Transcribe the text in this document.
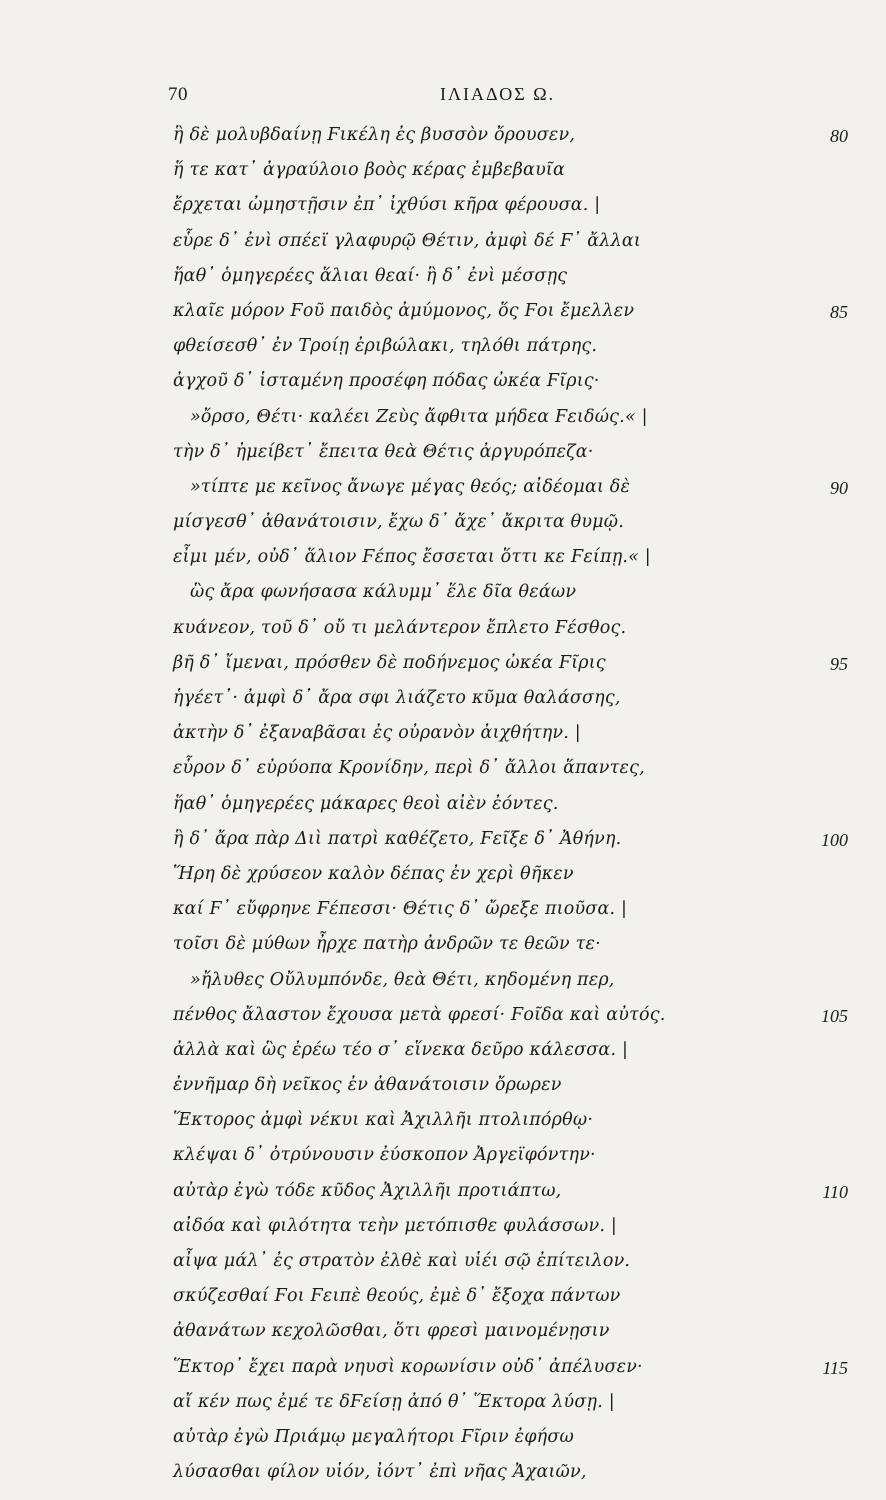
70	ΙΛΙΑΔΟΣ Ω.
ἣ δὲ μολυβδαίνῃ Ϝικέλη ἐς βυσσὸν ὄρουσεν,	80
ἥ τε κατ᾽ ἀγραύλοιο βοὸς κέρας ἐμβεβαυῖα
ἔρχεται ὠμηστῇσιν ἐπ᾽ ἰχθύσι κῆρα φέρουσα. |
εὗρε δ᾽ ἐνὶ σπέεϊ γλαφυρῷ Θέτιν, ἀμφὶ δέ Ϝ᾽ ἄλλαι
ἥαθ᾽ ὁμηγερέες ἅλιαι θεαί· ἣ δ᾽ ἐνὶ μέσσῃς
κλαῖε μόρον Ϝοῦ παιδὸς ἀμύμονος, ὅς Ϝοι ἔμελλεν	85
φθείσεσθ᾽ ἐν Τροίῃ ἐριβώλακι, τηλόθι πάτρης.
ἀγχοῦ δ᾽ ἱσταμένη προσέφη πόδας ὠκέα Ϝῖρις·
»ὄρσο, Θέτι· καλέει Ζεὺς ἄφθιτα μήδεα Ϝειδώς.« |
τὴν δ᾽ ἠμείβετ᾽ ἔπειτα θεὰ Θέτις ἀργυρόπεζα·
»τίπτε με κεῖνος ἄνωγε μέγας θεός; αἰδέομαι δὲ	90
μίσγεσθ᾽ ἀθανάτοισιν, ἔχω δ᾽ ἄχε᾽ ἄκριτα θυμῷ.
εἶμι μέν, οὐδ᾽ ἅλιον Ϝέπος ἔσσεται ὅττι κε Ϝείπῃ.« |
ὣς ἄρα φωνήσασα κάλυμμ᾽ ἕλε δῖα θεάων
κυάνεον, τοῦ δ᾽ οὔ τι μελάντερον ἔπλετο Ϝέσθος.
βῆ δ᾽ ἴμεναι, πρόσθεν δὲ ποδήνεμος ὠκέα Ϝῖρις	95
ἡγέετ᾽· ἀμφὶ δ᾽ ἄρα σφι λιάζετο κῦμα θαλάσσης,
ἀκτὴν δ᾽ ἐξαναβᾶσαι ἐς οὐρανὸν ἀιχθήτην. |
εὗρον δ᾽ εὐρύοπα Κρονίδην, περὶ δ᾽ ἄλλοι ἅπαντες,
ἥαθ᾽ ὁμηγερέες μάκαρες θεοὶ αἰὲν ἐόντες.
ἣ δ᾽ ἄρα πὰρ Διὶ πατρὶ καθέζετο, Ϝεῖξε δ᾽ Ἀθήνη.	100
Ἥρη δὲ χρύσεον καλὸν δέπας ἐν χερὶ θῆκεν
καί Ϝ᾽ εὔφρηνε Ϝέπεσσι· Θέτις δ᾽ ὤρεξε πιοῦσα. |
τοῖσι δὲ μύθων ἦρχε πατὴρ ἀνδρῶν τε θεῶν τε·
»ἤλυθες Οὔλυμπόνδε, θεὰ Θέτι, κηδομένη περ,
πένθος ἄλαστον ἔχουσα μετὰ φρεσί· Ϝοῖδα καὶ αὐτός.	105
ἀλλὰ καὶ ὣς ἐρέω τέο σ᾽ εἵνεκα δεῦρο κάλεσσα. |
ἐννῆμαρ δὴ νεῖκος ἐν ἀθανάτοισιν ὄρωρεν
Ἕκτορος ἀμφὶ νέκυι καὶ Ἀχιλλῆι πτολιπόρθῳ·
κλέψαι δ᾽ ὀτρύνουσιν ἐύσκοπον Ἀργεϊφόντην·
αὐτὰρ ἐγὼ τόδε κῦδος Ἀχιλλῆι προτιάπτω,	110
αἰδόα καὶ φιλότητα τεὴν μετόπισθε φυλάσσων. |
αἶψα μάλ᾽ ἐς στρατὸν ἐλθὲ καὶ υἱέι σῷ ἐπίτειλον.
σκύζεσθαί Ϝοι Ϝειπὲ θεούς, ἐμὲ δ᾽ ἔξοχα πάντων
ἀθανάτων κεχολῶσθαι, ὅτι φρεσὶ μαινομένῃσιν
Ἕκτορ᾽ ἔχει παρὰ νηυσὶ κορωνίσιν οὐδ᾽ ἀπέλυσεν·	115
αἴ κέν πως ἐμέ τε δϜείσῃ ἀπό θ᾽ Ἕκτορα λύσῃ. |
αὐτὰρ ἐγὼ Πριάμῳ μεγαλήτορι Ϝῖριν ἐφήσω
λύσασθαι φίλον υἱόν, ἰόντ᾽ ἐπὶ νῆας Ἀχαιῶν,
